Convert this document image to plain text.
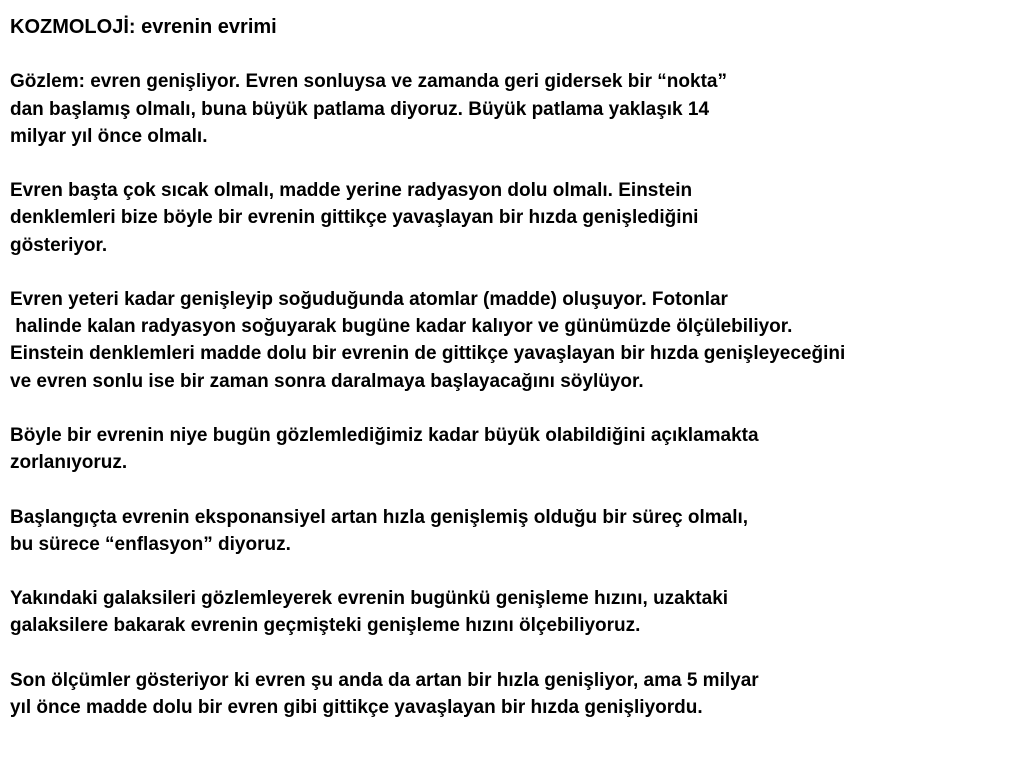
KOZMOLOJİ: evrenin evrimi
Gözlem: evren genişliyor. Evren sonluysa ve zamanda geri gidersek bir “nokta”
dan başlamış olmalı, buna büyük patlama diyoruz. Büyük patlama yaklaşık 14
milyar yıl önce olmalı.
Evren başta çok sıcak olmalı, madde yerine radyasyon dolu olmalı. Einstein
denklemleri bize böyle bir evrenin gittikçe yavaşlayan bir hızda genişlediğini
gösteriyor.
Evren yeteri kadar genişleyip soğuduğunda atomlar (madde) oluşuyor. Fotonlar
halinde kalan radyasyon soğuyarak bugüne kadar kalıyor ve günümüzde ölçülebiliyor.
Einstein denklemleri madde dolu bir evrenin de gittikçe yavaşlayan bir hızda genişleyeceğini
ve evren sonlu ise bir zaman sonra daralmaya başlayacağını söylüyor.
Böyle bir evrenin niye bugün gözlemlediğimiz kadar büyük olabildiğini açıklamakta
zorlanıyoruz.
Başlangıçta evrenin eksponansiyel artan hızla genişlemiş olduğu bir süreç olmalı,
bu sürece “enflasyon” diyoruz.
Yakındaki galaksileri gözlemleyerek evrenin bugünkü genişleme hızını, uzaktaki
galaksilere bakarak evrenin geçmişteki genişleme hızını ölçebiliyoruz.
Son ölçümler gösteriyor ki evren şu anda da artan bir hızla genişliyor, ama 5 milyar
yıl önce madde dolu bir evren gibi gittikçe yavaşlayan bir hızda genişliyordu.
